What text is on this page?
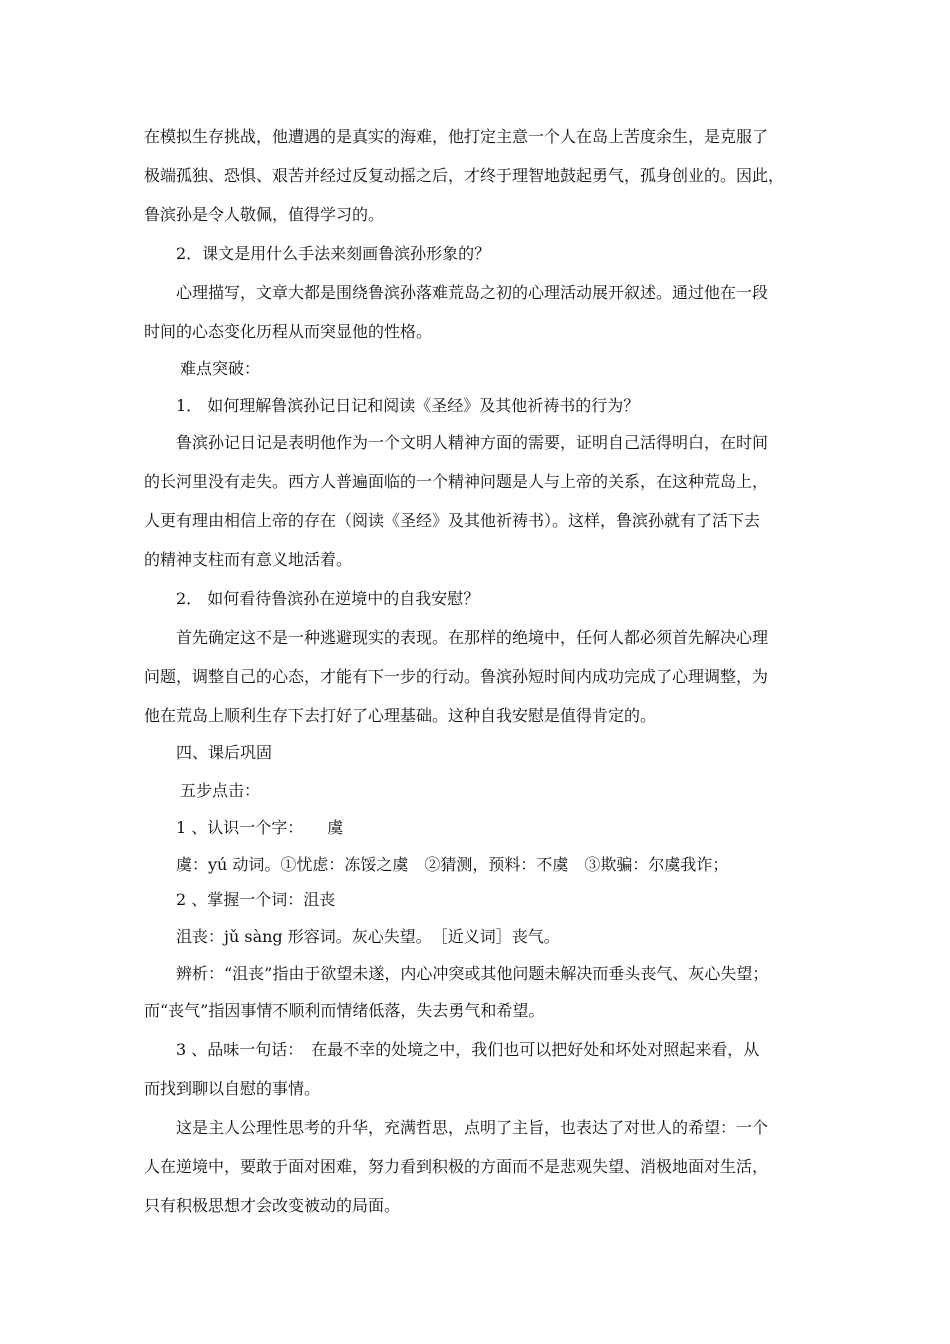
在模拟生存挑战，他遭遇的是真实的海难，他打定主意一个人在岛上苦度余生，是克服了
极端孤独、恐惧、艰苦并经过反复动摇之后，才终于理智地鼓起勇气，孤身创业的。因此，
鲁滨孙是令人敬佩，值得学习的。
2．课文是用什么手法来刻画鲁滨孙形象的？
心理描写，文章大都是围绕鲁滨孙落难荒岛之初的心理活动展开叙述。通过他在一段
时间的心态变化历程从而突显他的性格。
难点突破：
1． 如何理解鲁滨孙记日记和阅读《圣经》及其他祈祷书的行为？
鲁滨孙记日记是表明他作为一个文明人精神方面的需要，证明自己活得明白，在时间
的长河里没有走失。西方人普遍面临的一个精神问题是人与上帝的关系，在这种荒岛上，
人更有理由相信上帝的存在（阅读《圣经》及其他祈祷书）。这样，鲁滨孙就有了活下去
的精神支柱而有意义地活着。
2． 如何看待鲁滨孙在逆境中的自我安慰？
首先确定这不是一种逃避现实的表现。在那样的绝境中，任何人都必须首先解决心理
问题，调整自己的心态，才能有下一步的行动。鲁滨孙短时间内成功完成了心理调整，为
他在荒岛上顺利生存下去打好了心理基础。这种自我安慰是值得肯定的。
四、课后巩固
五步点击：
1 、认识一个字：　　虞
虞：yú 动词。①忧虑：冻馁之虞　②猜测，预料：不虞　③欺骗：尔虞我诈；
2 、掌握一个词：沮丧
沮丧：jǔ sàng 形容词。灰心失望。　［近义词］丧气。
辨析：“沮丧”指由于欲望未遂，内心冲突或其他问题未解决而垂头丧气、灰心失望；
而“丧气”指因事情不顺利而情绪低落，失去勇气和希望。
3 、品味一句话：　在最不幸的处境之中，我们也可以把好处和坏处对照起来看，从
而找到聊以自慰的事情。
这是主人公理性思考的升华，充满哲思，点明了主旨，也表达了对世人的希望：一个
人在逆境中，要敢于面对困难，努力看到积极的方面而不是悲观失望、消极地面对生活，
只有积极思想才会改变被动的局面。
